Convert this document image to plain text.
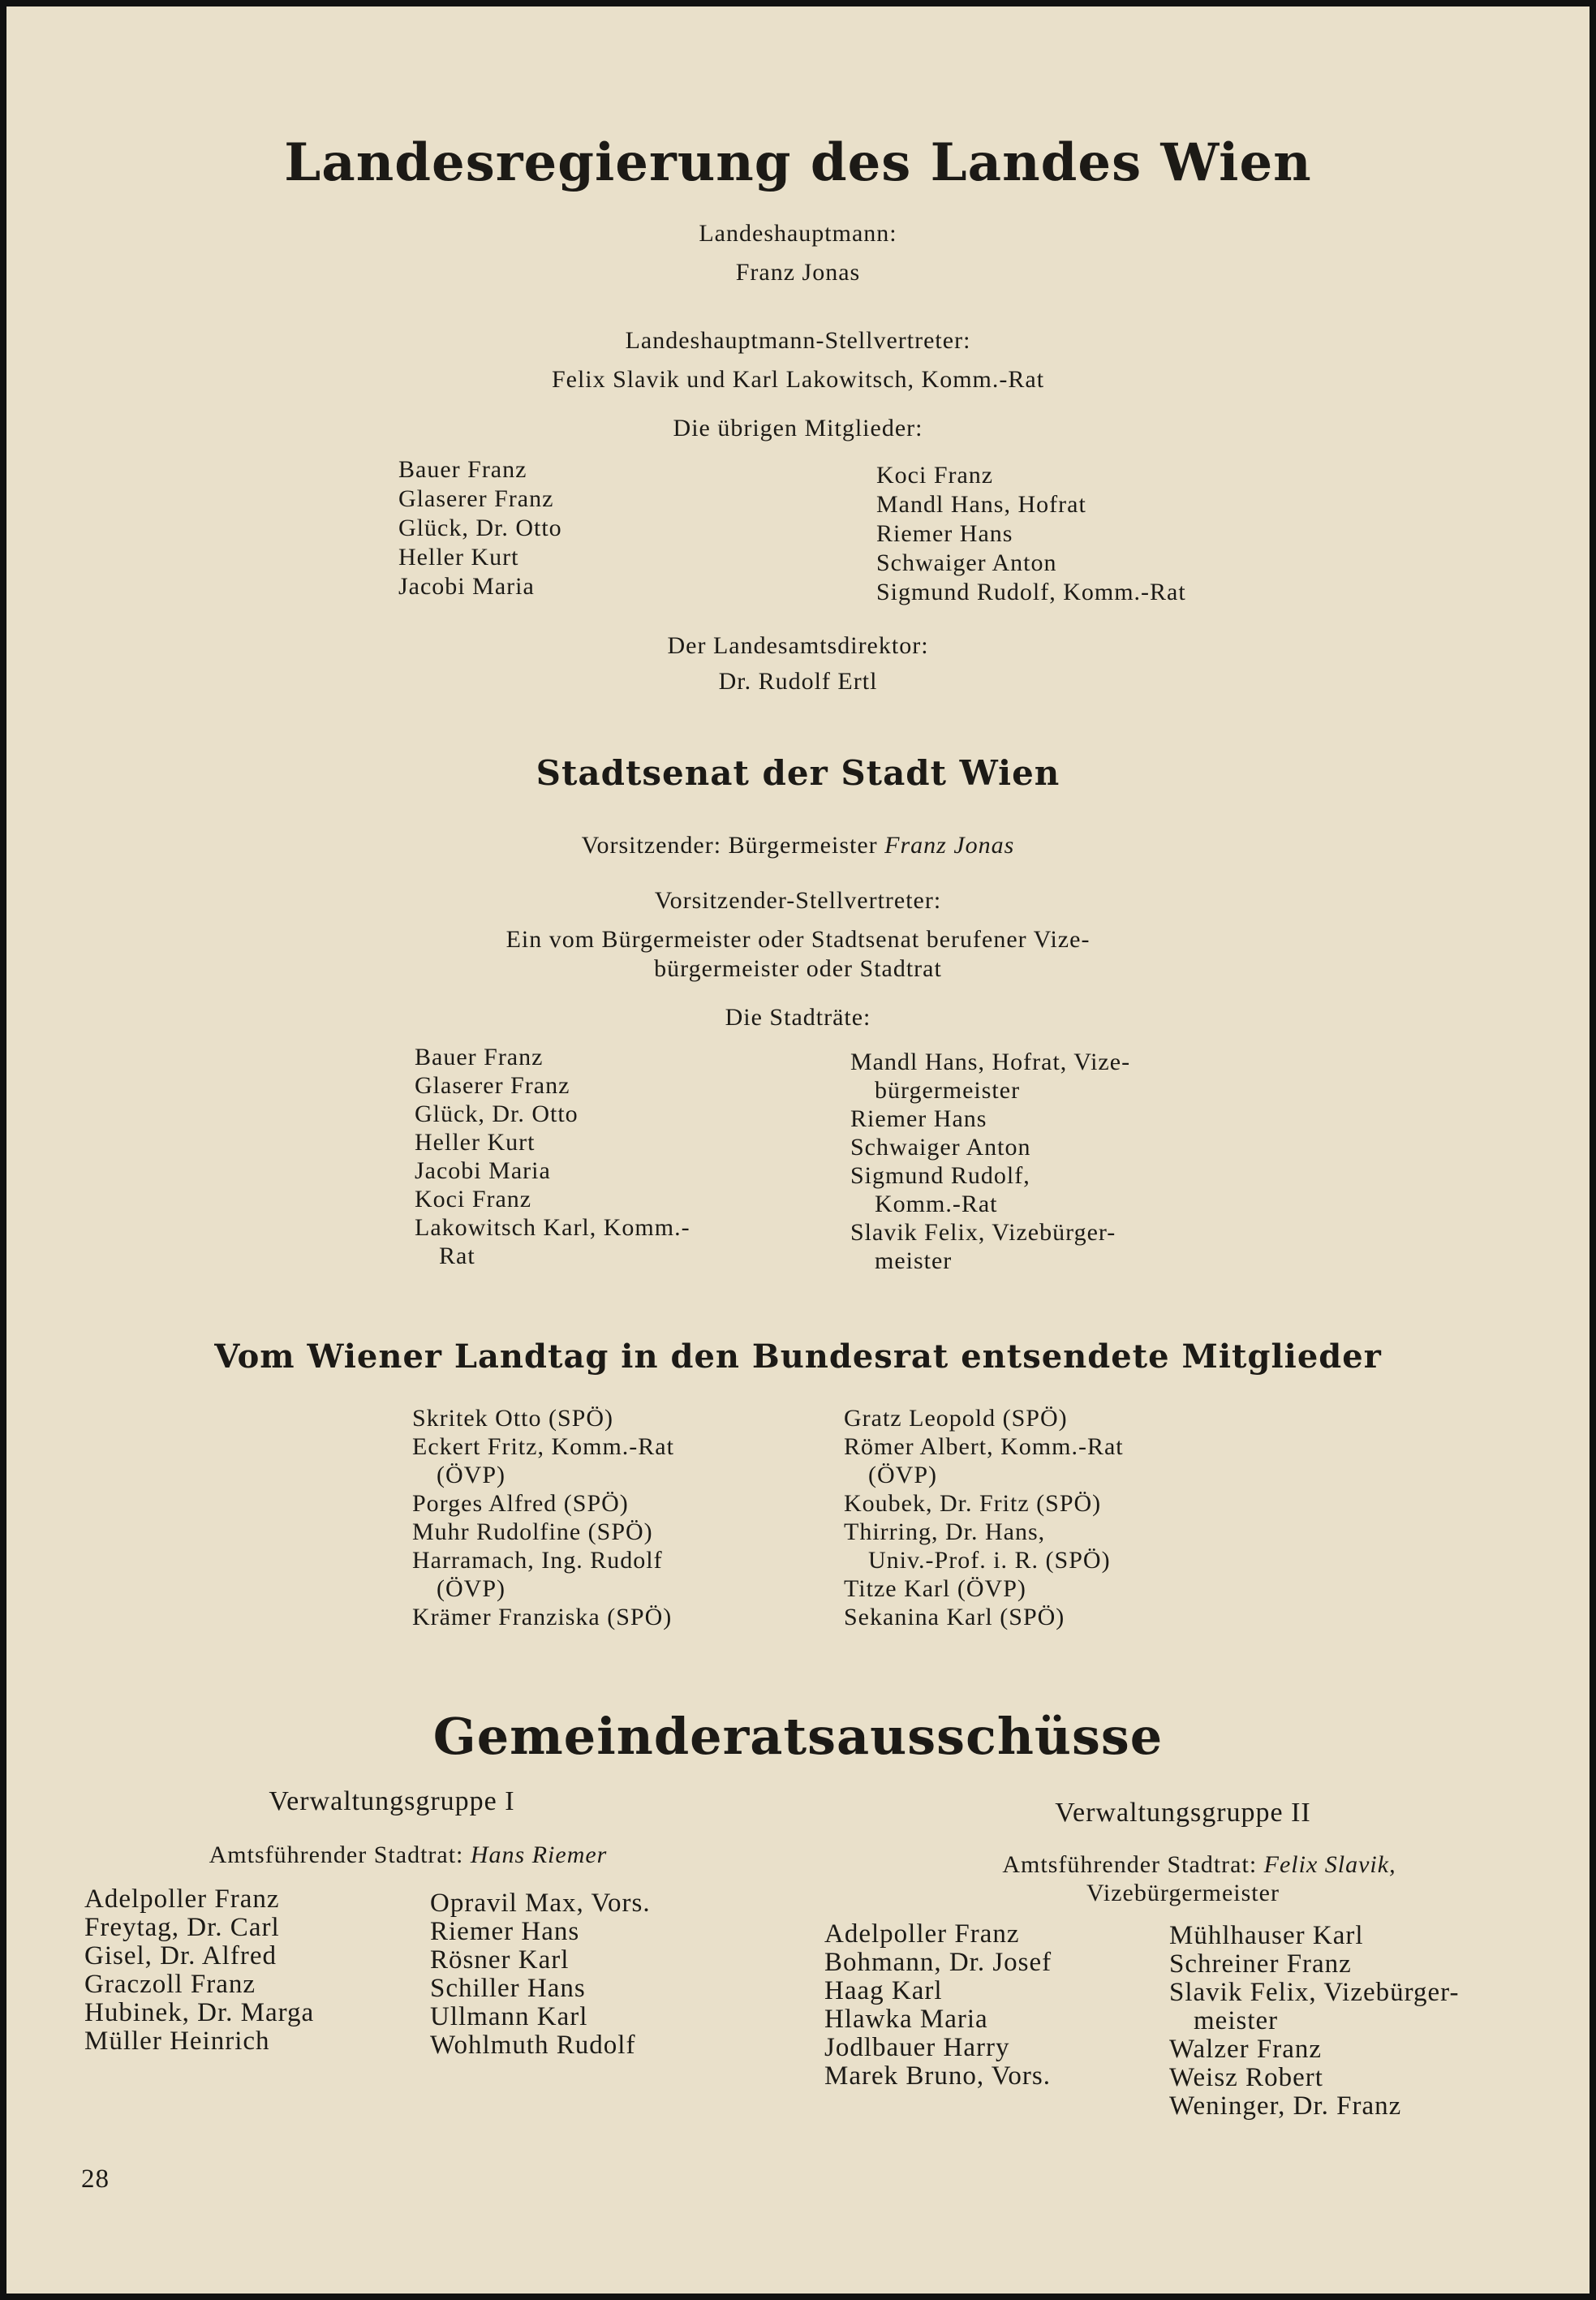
Landesregierung des Landes Wien
Landeshauptmann:
Franz Jonas
Landeshauptmann-Stellvertreter:
Felix Slavik und Karl Lakowitsch, Komm.-Rat
Die übrigen Mitglieder:
Bauer Franz
Glaserer Franz
Glück, Dr. Otto
Heller Kurt
Jacobi Maria
Koci Franz
Mandl Hans, Hofrat
Riemer Hans
Schwaiger Anton
Sigmund Rudolf, Komm.-Rat
Der Landesamtsdirektor:
Dr. Rudolf Ertl
Stadtsenat der Stadt Wien
Vorsitzender: Bürgermeister Franz Jonas
Vorsitzender-Stellvertreter:
Ein vom Bürgermeister oder Stadtsenat berufener Vize-
bürgermeister oder Stadtrat
Die Stadträte:
Bauer Franz
Glaserer Franz
Glück, Dr. Otto
Heller Kurt
Jacobi Maria
Koci Franz
Lakowitsch Karl, Komm.-
Rat
Mandl Hans, Hofrat, Vize-
bürgermeister
Riemer Hans
Schwaiger Anton
Sigmund Rudolf,
Komm.-Rat
Slavik Felix, Vizebürger-
meister
Vom Wiener Landtag in den Bundesrat entsendete Mitglieder
Skritek Otto (SPÖ)
Eckert Fritz, Komm.-Rat
(ÖVP)
Porges Alfred (SPÖ)
Muhr Rudolfine (SPÖ)
Harramach, Ing. Rudolf
(ÖVP)
Krämer Franziska (SPÖ)
Gratz Leopold (SPÖ)
Römer Albert, Komm.-Rat
(ÖVP)
Koubek, Dr. Fritz (SPÖ)
Thirring, Dr. Hans,
Univ.-Prof. i. R. (SPÖ)
Titze Karl (ÖVP)
Sekanina Karl (SPÖ)
Gemeinderatsausschüsse
Verwaltungsgruppe I
Amtsführender Stadtrat: Hans Riemer
Adelpoller Franz
Freytag, Dr. Carl
Gisel, Dr. Alfred
Graczoll Franz
Hubinek, Dr. Marga
Müller Heinrich
Opravil Max, Vors.
Riemer Hans
Rösner Karl
Schiller Hans
Ullmann Karl
Wohlmuth Rudolf
Verwaltungsgruppe II
Amtsführender Stadtrat: Felix Slavik,
Vizebürgermeister
Adelpoller Franz
Bohmann, Dr. Josef
Haag Karl
Hlawka Maria
Jodlbauer Harry
Marek Bruno, Vors.
Mühlhauser Karl
Schreiner Franz
Slavik Felix, Vizebürger-
meister
Walzer Franz
Weisz Robert
Weninger, Dr. Franz
28
